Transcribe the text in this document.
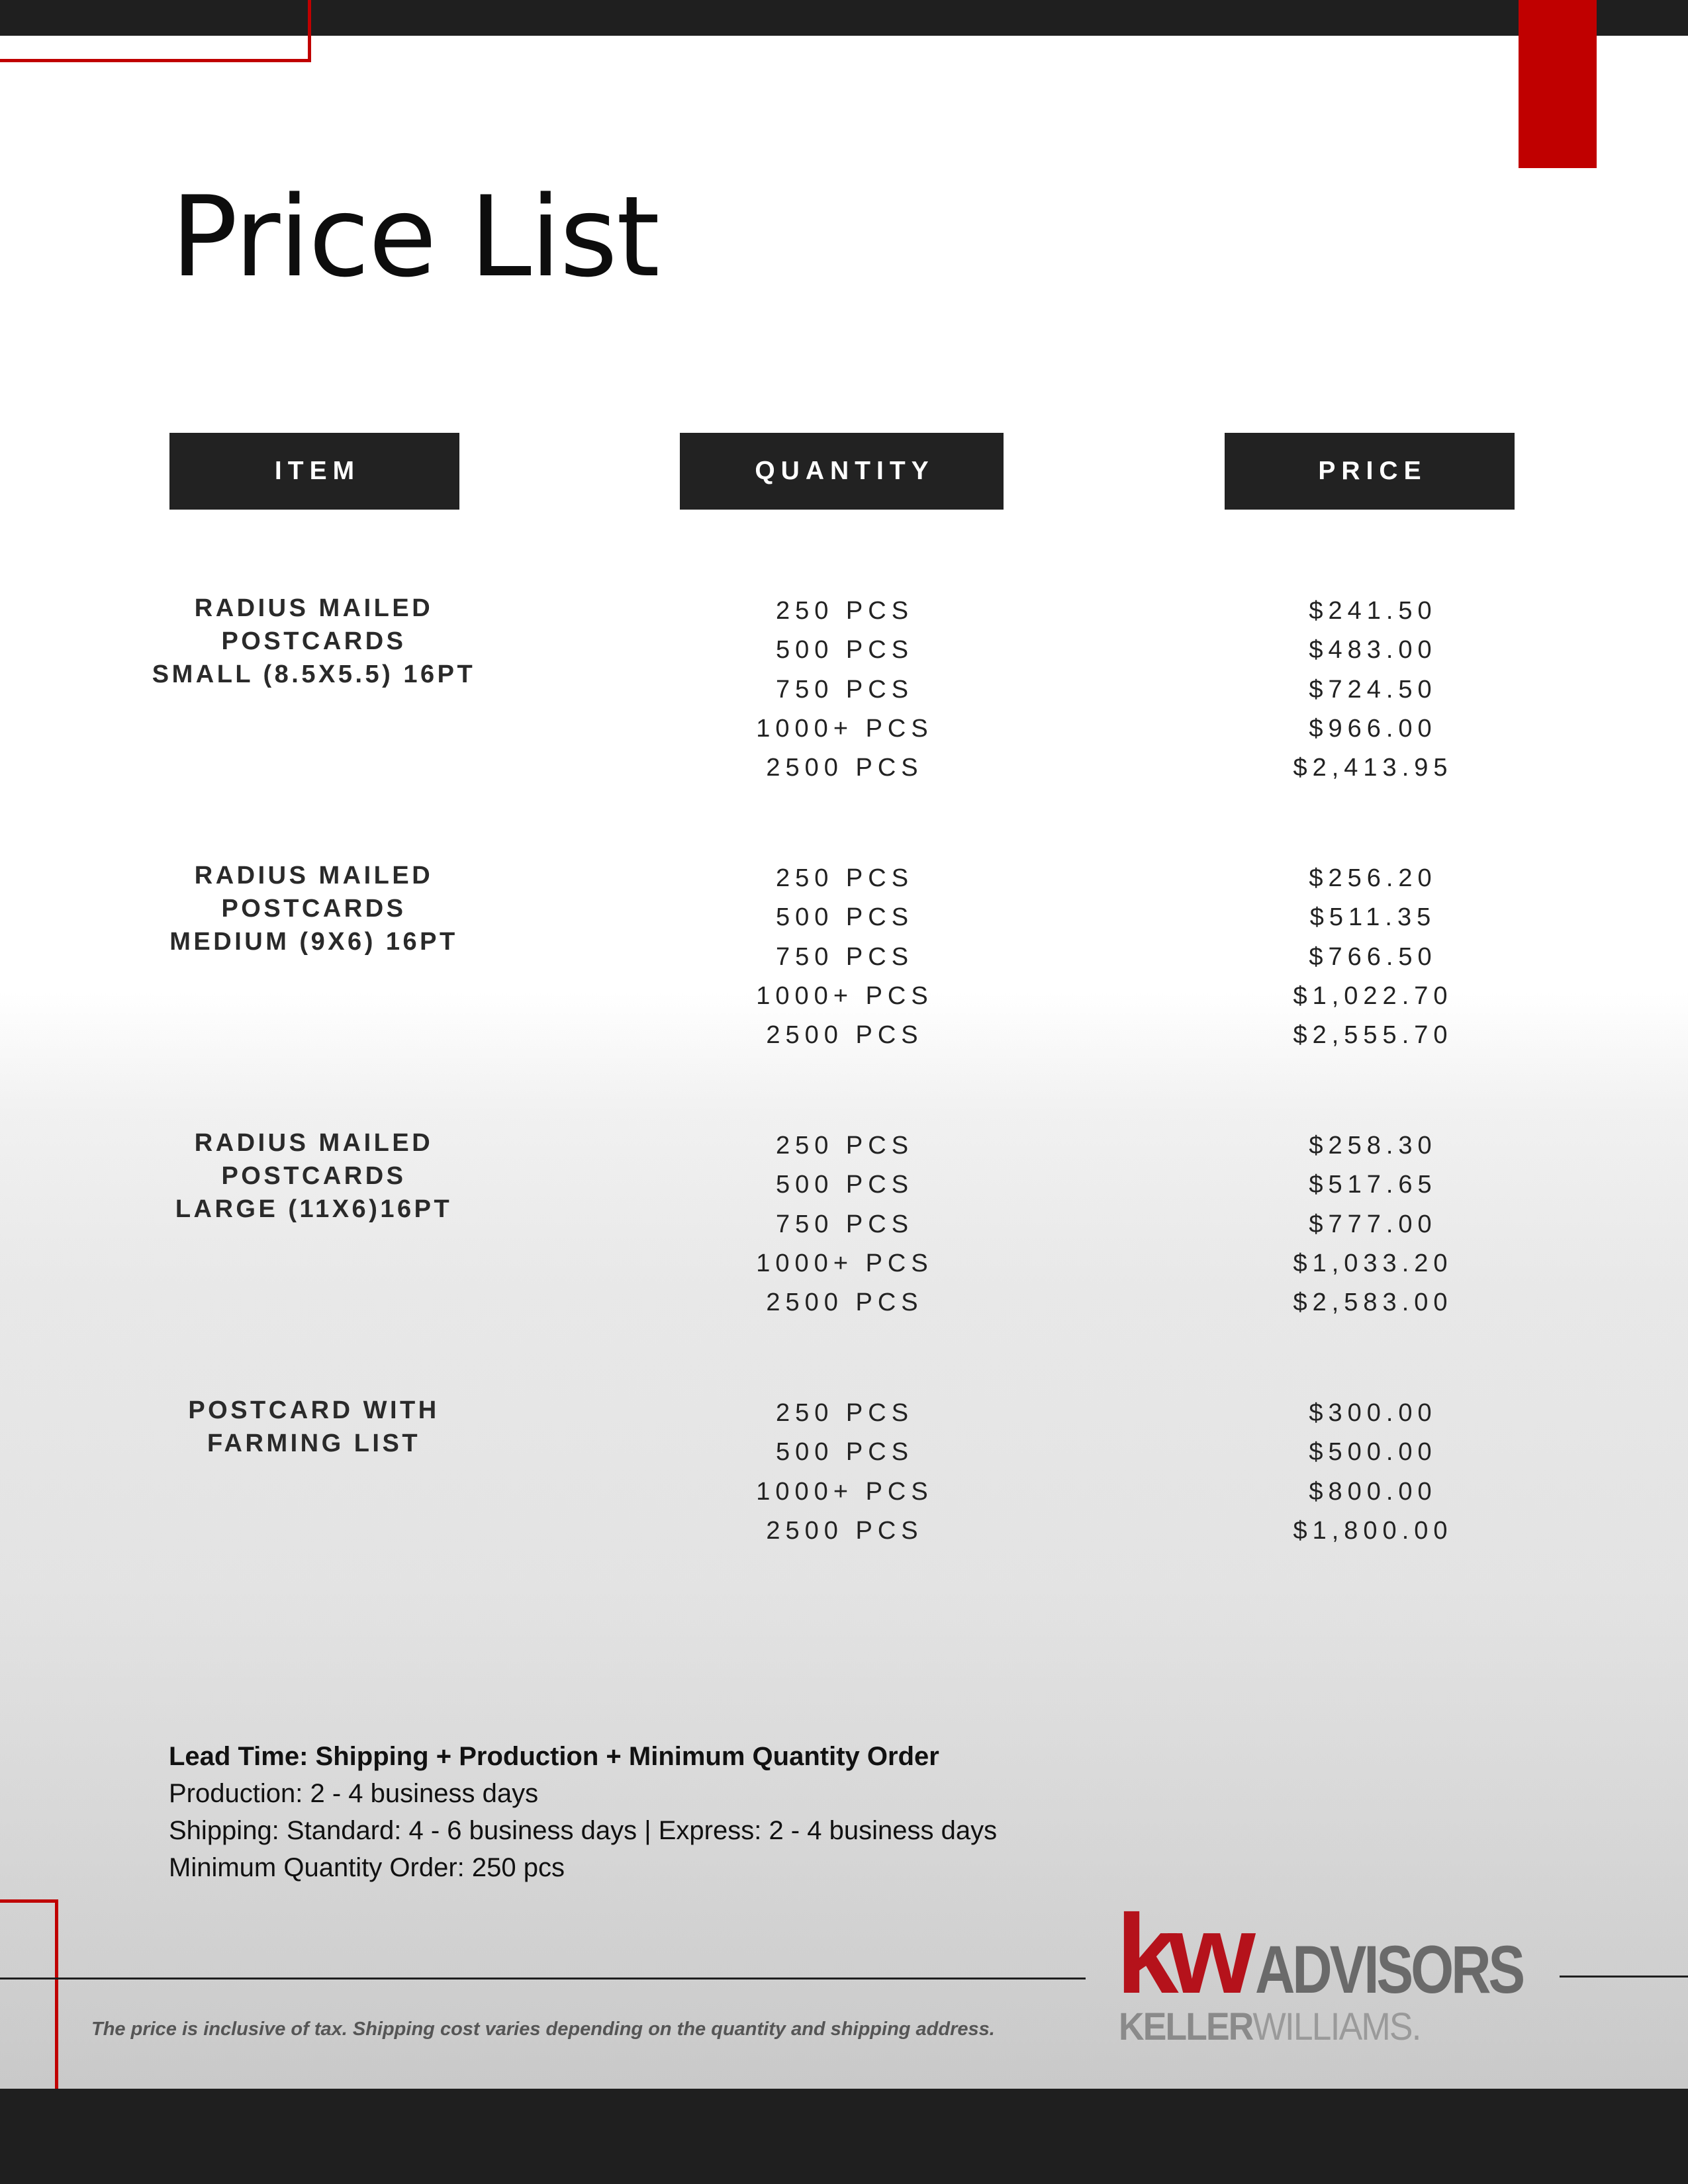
Price List
ITEM	QUANTITY	PRICE
RADIUS MAILED
POSTCARDS
SMALL (8.5X5.5) 16PT
250 PCS
500 PCS
750 PCS
1000+ PCS
2500 PCS
$241.50
$483.00
$724.50
$966.00
$2,413.95
RADIUS MAILED
POSTCARDS
MEDIUM (9X6) 16PT
250 PCS
500 PCS
750 PCS
1000+ PCS
2500 PCS
$256.20
$511.35
$766.50
$1,022.70
$2,555.70
RADIUS MAILED
POSTCARDS
LARGE (11X6)16PT
250 PCS
500 PCS
750 PCS
1000+ PCS
2500 PCS
$258.30
$517.65
$777.00
$1,033.20
$2,583.00
POSTCARD WITH
FARMING LIST
250 PCS
500 PCS
1000+ PCS
2500 PCS
$300.00
$500.00
$800.00
$1,800.00
Lead Time: Shipping + Production + Minimum Quantity Order
Production: 2 - 4 business days
Shipping: Standard: 4 - 6 business days | Express: 2 - 4 business days
Minimum Quantity Order: 250 pcs
The price is inclusive of tax. Shipping cost varies depending on the quantity and shipping address.
kw ADVISORS
KELLERWILLIAMS.
